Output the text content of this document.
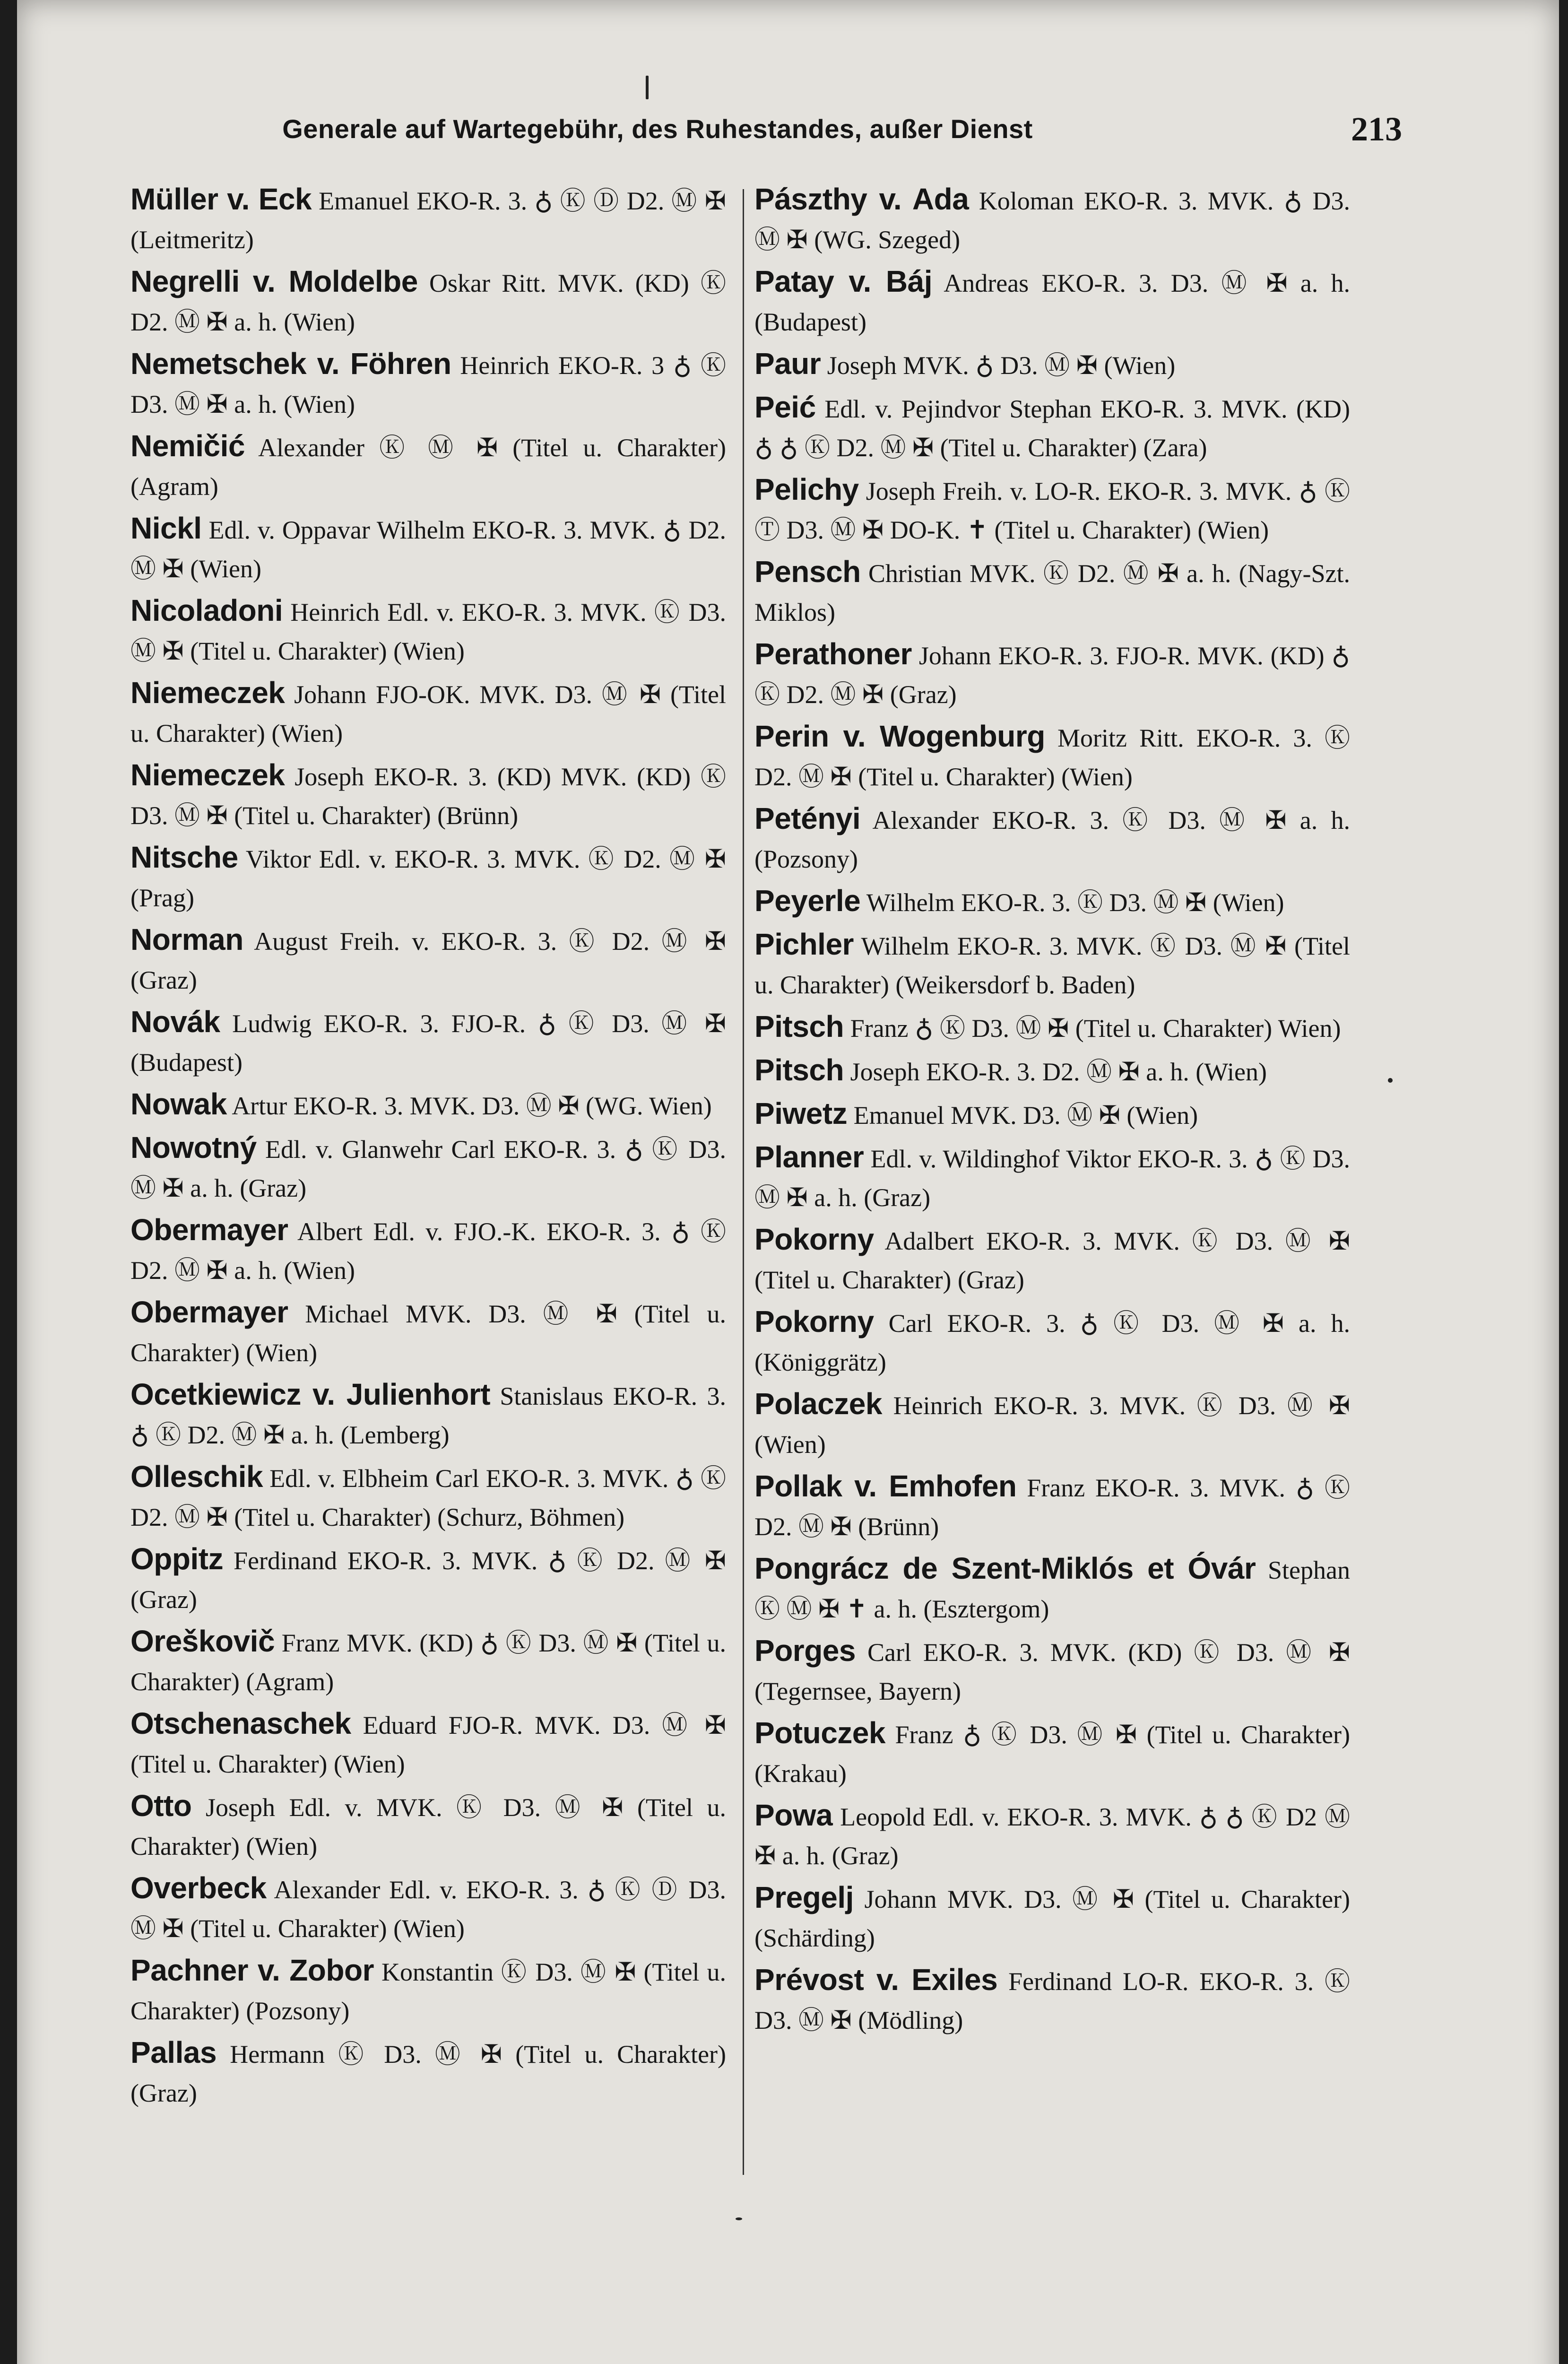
Generale auf Wartegebühr, des Ruhestandes, außer Dienst	213
Müller v. Eck Emanuel EKO-R. 3. ♁ Ⓚ Ⓓ D2. Ⓜ ✠ (Leitmeritz)
Negrelli v. Moldelbe Oskar Ritt. MVK. (KD) Ⓚ D2. Ⓜ ✠ a. h. (Wien)
Nemetschek v. Föhren Heinrich EKO-R. 3 ♁ Ⓚ D3. Ⓜ ✠ a. h. (Wien)
Nemičić Alexander Ⓚ Ⓜ ✠ (Titel u. Charakter) (Agram)
Nickl Edl. v. Oppavar Wilhelm EKO-R. 3. MVK. ♁ D2. Ⓜ ✠ (Wien)
Nicoladoni Heinrich Edl. v. EKO-R. 3. MVK. Ⓚ D3. Ⓜ ✠ (Titel u. Charakter) (Wien)
Niemeczek Johann FJO-OK. MVK. D3. Ⓜ ✠ (Titel u. Charakter) (Wien)
Niemeczek Joseph EKO-R. 3. (KD) MVK. (KD) Ⓚ D3. Ⓜ ✠ (Titel u. Charakter) (Brünn)
Nitsche Viktor Edl. v. EKO-R. 3. MVK. Ⓚ D2. Ⓜ ✠ (Prag)
Norman August Freih. v. EKO-R. 3. Ⓚ D2. Ⓜ ✠ (Graz)
Novák Ludwig EKO-R. 3. FJO-R. ♁ Ⓚ D3. Ⓜ ✠ (Budapest)
Nowak Artur EKO-R. 3. MVK. D3. Ⓜ ✠ (WG. Wien)
Nowotný Edl. v. Glanwehr Carl EKO-R. 3. ♁ Ⓚ D3. Ⓜ ✠ a. h. (Graz)
Obermayer Albert Edl. v. FJO.-K. EKO-R. 3. ♁ Ⓚ D2. Ⓜ ✠ a. h. (Wien)
Obermayer Michael MVK. D3. Ⓜ ✠ (Titel u. Charakter) (Wien)
Ocetkiewicz v. Julienhort Stanislaus EKO-R. 3. ♁ Ⓚ D2. Ⓜ ✠ a. h. (Lemberg)
Olleschik Edl. v. Elbheim Carl EKO-R. 3. MVK. ♁ Ⓚ D2. Ⓜ ✠ (Titel u. Charakter) (Schurz, Böhmen)
Oppitz Ferdinand EKO-R. 3. MVK. ♁ Ⓚ D2. Ⓜ ✠ (Graz)
Oreškovič Franz MVK. (KD) ♁ Ⓚ D3. Ⓜ ✠ (Titel u. Charakter) (Agram)
Otschenaschek Eduard FJO-R. MVK. D3. Ⓜ ✠ (Titel u. Charakter) (Wien)
Otto Joseph Edl. v. MVK. Ⓚ D3. Ⓜ ✠ (Titel u. Charakter) (Wien)
Overbeck Alexander Edl. v. EKO-R. 3. ♁ Ⓚ Ⓓ D3. Ⓜ ✠ (Titel u. Charakter) (Wien)
Pachner v. Zobor Konstantin Ⓚ D3. Ⓜ ✠ (Titel u. Charakter) (Pozsony)
Pallas Hermann Ⓚ D3. Ⓜ ✠ (Titel u. Charakter) (Graz)
Pászthy v. Ada Koloman EKO-R. 3. MVK. ♁ D3. Ⓜ ✠ (WG. Szeged)
Patay v. Báj Andreas EKO-R. 3. D3. Ⓜ ✠ a. h. (Budapest)
Paur Joseph MVK. ♁ D3. Ⓜ ✠ (Wien)
Peić Edl. v. Pejindvor Stephan EKO-R. 3. MVK. (KD) ♁ ♁ Ⓚ D2. Ⓜ ✠ (Titel u. Charakter) (Zara)
Pelichy Joseph Freih. v. LO-R. EKO-R. 3. MVK. ♁ Ⓚ Ⓣ D3. Ⓜ ✠ DO-K. ✝ (Titel u. Charakter) (Wien)
Pensch Christian MVK. Ⓚ D2. Ⓜ ✠ a. h. (Nagy-Szt. Miklos)
Perathoner Johann EKO-R. 3. FJO-R. MVK. (KD) ♁ Ⓚ D2. Ⓜ ✠ (Graz)
Perin v. Wogenburg Moritz Ritt. EKO-R. 3. Ⓚ D2. Ⓜ ✠ (Titel u. Charakter) (Wien)
Petényi Alexander EKO-R. 3. Ⓚ D3. Ⓜ ✠ a. h. (Pozsony)
Peyerle Wilhelm EKO-R. 3. Ⓚ D3. Ⓜ ✠ (Wien)
Pichler Wilhelm EKO-R. 3. MVK. Ⓚ D3. Ⓜ ✠ (Titel u. Charakter) (Weikersdorf b. Baden)
Pitsch Franz ♁ Ⓚ D3. Ⓜ ✠ (Titel u. Charakter) Wien)
Pitsch Joseph EKO-R. 3. D2. Ⓜ ✠ a. h. (Wien)
Piwetz Emanuel MVK. D3. Ⓜ ✠ (Wien)
Planner Edl. v. Wildinghof Viktor EKO-R. 3. ♁ Ⓚ D3. Ⓜ ✠ a. h. (Graz)
Pokorny Adalbert EKO-R. 3. MVK. Ⓚ D3. Ⓜ ✠ (Titel u. Charakter) (Graz)
Pokorny Carl EKO-R. 3. ♁ Ⓚ D3. Ⓜ ✠ a. h. (Königgrätz)
Polaczek Heinrich EKO-R. 3. MVK. Ⓚ D3. Ⓜ ✠ (Wien)
Pollak v. Emhofen Franz EKO-R. 3. MVK. ♁ Ⓚ D2. Ⓜ ✠ (Brünn)
Pongrácz de Szent-Miklós et Óvár Stephan Ⓚ Ⓜ ✠ ✝ a. h. (Esztergom)
Porges Carl EKO-R. 3. MVK. (KD) Ⓚ D3. Ⓜ ✠ (Tegernsee, Bayern)
Potuczek Franz ♁ Ⓚ D3. Ⓜ ✠ (Titel u. Charakter) (Krakau)
Powa Leopold Edl. v. EKO-R. 3. MVK. ♁ ♁ Ⓚ D2 Ⓜ ✠ a. h. (Graz)
Pregelj Johann MVK. D3. Ⓜ ✠ (Titel u. Charakter) (Schärding)
Prévost v. Exiles Ferdinand LO-R. EKO-R. 3. Ⓚ D3. Ⓜ ✠ (Mödling)
